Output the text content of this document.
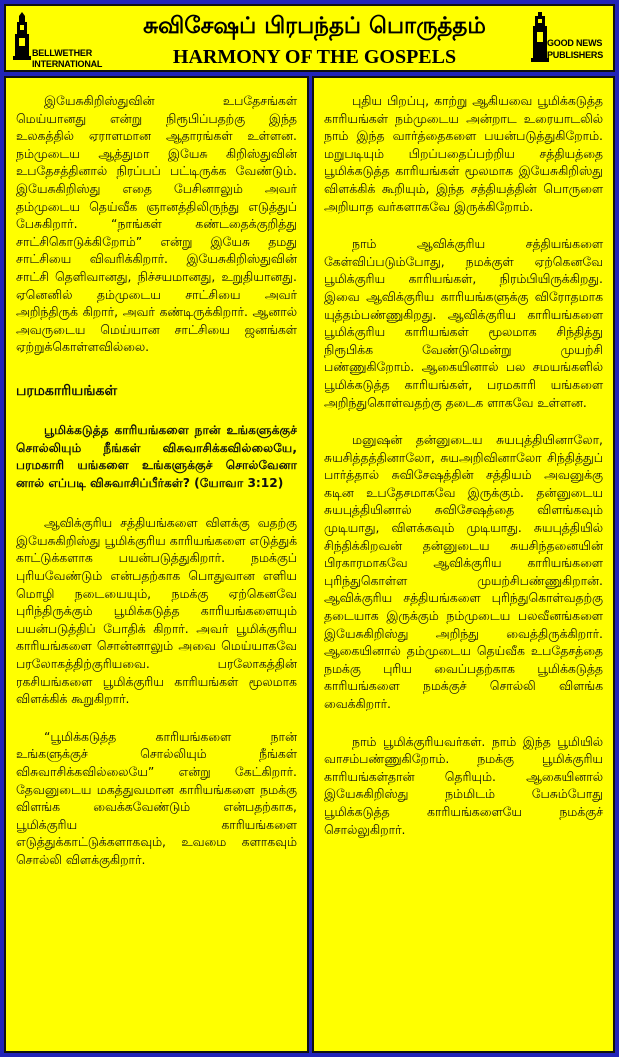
BELLWETHER
INTERNATIONAL
சுவிசேஷப் பிரபந்தப் பொருத்தம்
HARMONY OF THE GOSPELS
GOOD NEWS
PUBLISHERS

இயேசுகிறிஸ்துவின் உபதேசங்கள் மெய்யானது என்று நிரூபிப்பதற்கு இந்த உலகத்தில் ஏராளமான ஆதாரங்கள் உள்ளன. நம்முடைய ஆத்துமா இயேசு கிறிஸ்துவின் உபதேசத்தினால் நிரப்பப் பட்டிருக்க வேண்டும். இயேசுகிறிஸ்து எதை பேசினாலும் அவர் தம்முடைய தெய்வீக ஞானத்திலிருந்து எடுத்துப் பேசுகிறார். “நாங்கள் கண்டதைக்குறித்து சாட்சிகொடுக்கிறோம்” என்று இயேசு தமது சாட்சியை விவரிக்கிறார். இயேசுகிறிஸ்துவின் சாட்சி தெளிவானது, நிச்சயமானது, உறுதியானது. ஏனெனில் தம்முடைய சாட்சியை அவர் அறிந்திருக் கிறார், அவர் கண்டிருக்கிறார். ஆனால் அவருடைய மெய்யான சாட்சியை ஜனங்கள் ஏற்றுக்கொள்ளவில்லை.

பரமகாரியங்கள்

பூமிக்கடுத்த காரியங்களை நான் உங்களுக்குச் சொல்லியும் நீங்கள் விசுவாசிக்கவில்லையே, பரமகாரி யங்களை உங்களுக்குச் சொல்வேனா னால் எப்படி விசுவாசிப்பீர்கள்? (யோவா 3:12)

ஆவிக்குரிய சத்தியங்களை விளக்கு வதற்கு இயேசுகிறிஸ்து பூமிக்குரிய காரியங்களை எடுத்துக் காட்டுக்களாக பயன்படுத்துகிறார். நமக்குப் புரியவேண்டும் என்பதற்காக பொதுவான எளிய மொழி நடையையும், நமக்கு ஏற்கெனவே புரிந்திருக்கும் பூமிக்கடுத்த காரியங்களையும் பயன்படுத்திப் போதிக் கிறார். அவர் பூமிக்குரிய காரியங்களை சொன்னாலும் அவை மெய்யாகவே பரலோகத்திற்குரியவை. பரலோகத்தின் ரகசியங்களை பூமிக்குரிய காரியங்கள் மூலமாக விளக்கிக் கூறுகிறார்.

“பூமிக்கடுத்த காரியங்களை நான் உங்களுக்குச் சொல்லியும் நீங்கள் விசுவாசிக்கவில்லையே” என்று கேட்கிறார். தேவனுடைய மகத்துவமான காரியங்களை நமக்கு விளங்க வைக்கவேண்டும் என்பதற்காக, பூமிக்குரிய காரியங்களை எடுத்துக்காட்டுக்களாகவும், உவமை களாகவும் சொல்லி விளக்குகிறார்.

புதிய பிறப்பு, காற்று ஆகியவை பூமிக்கடுத்த காரியங்கள் நம்முடைய அன்றாட உரையாடலில் நாம் இந்த வார்த்தைகளை பயன்படுத்துகிறோம். மறுபடியும் பிறப்பதைப்பற்றிய சத்தியத்தை பூமிக்கடுத்த காரியங்கள் மூலமாக இயேசுகிறிஸ்து விளக்கிக் கூறியும், இந்த சத்தியத்தின் பொருளை அறியாத வர்களாகவே இருக்கிறோம்.

நாம் ஆவிக்குரிய சத்தியங்களை கேள்விப்படும்போது, நமக்குள் ஏற்கெனவே பூமிக்குரிய காரியங்கள், நிரம்பியிருக்கிறது. இவை ஆவிக்குரிய காரியங்களுக்கு விரோதமாக யுத்தம்பண்ணுகிறது. ஆவிக்குரிய காரியங்களை பூமிக்குரிய காரியங்கள் மூலமாக சிந்தித்து நிரூபிக்க வேண்டுமென்று முயற்சி பண்ணுகிறோம். ஆகையினால் பல சமயங்களில் பூமிக்கடுத்த காரியங்கள், பரமகாரி யங்களை அறிந்துகொள்வதற்கு தடைக ளாகவே உள்ளன.

மனுஷன் தன்னுடைய சுயபுத்தியினாலோ, சுயசித்தத்தினாலோ, சுயஅறிவினாலோ சிந்தித்துப் பார்த்தால் சுவிசேஷத்தின் சத்தியம் அவனுக்கு கடின உபதேசமாகவே இருக்கும். தன்னுடைய சுயபுத்தியினால் சுவிசேஷத்தை விளங்கவும் முடியாது, விளக்கவும் முடியாது. சுயபுத்தியில் சிந்திக்கிறவன் தன்னுடைய சுயசிந்தனையின் பிரகாரமாகவே ஆவிக்குரிய காரியங்களை புரிந்துகொள்ள முயற்சிபண்ணுகிறான். ஆவிக்குரிய சத்தியங்களை புரிந்துகொள்வதற்கு தடையாக இருக்கும் நம்முடைய பலவீனங்களை இயேசுகிறிஸ்து அறிந்து வைத்திருக்கிறார். ஆகையினால் தம்முடைய தெய்வீக உபதேசத்தை நமக்கு புரிய வைப்பதற்காக பூமிக்கடுத்த காரியங்களை நமக்குச் சொல்லி விளங்க வைக்கிறார்.

நாம் பூமிக்குரியவர்கள். நாம் இந்த பூமியில் வாசம்பண்ணுகிறோம். நமக்கு பூமிக்குரிய காரியங்கள்தான் தெரியும். ஆகையினால் இயேசுகிறிஸ்து நம்மிடம் பேசும்போது பூமிக்கடுத்த காரியங்களையே நமக்குச் சொல்லுகிறார்.
